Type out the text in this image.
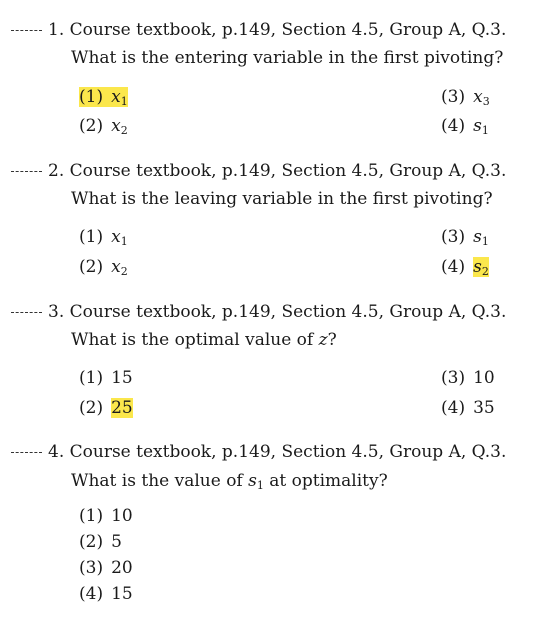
1. Course textbook, p.149, Section 4.5, Group A, Q.3.
What is the entering variable in the first pivoting?
(1) $x_1$
(2) $x_2$
(3) $x_3$
(4) $s_1$
2. Course textbook, p.149, Section 4.5, Group A, Q.3.
What is the leaving variable in the first pivoting?
(1) $x_1$
(2) $x_2$
(3) $s_1$
(4) $s_2$
3. Course textbook, p.149, Section 4.5, Group A, Q.3.
What is the optimal value of z?
(1) 15
(2) 25
(3) 10
(4) 35
4. Course textbook, p.149, Section 4.5, Group A, Q.3.
What is the value of $s_1$ at optimality?
(1) 10
(2) 5
(3) 20
(4) 15
